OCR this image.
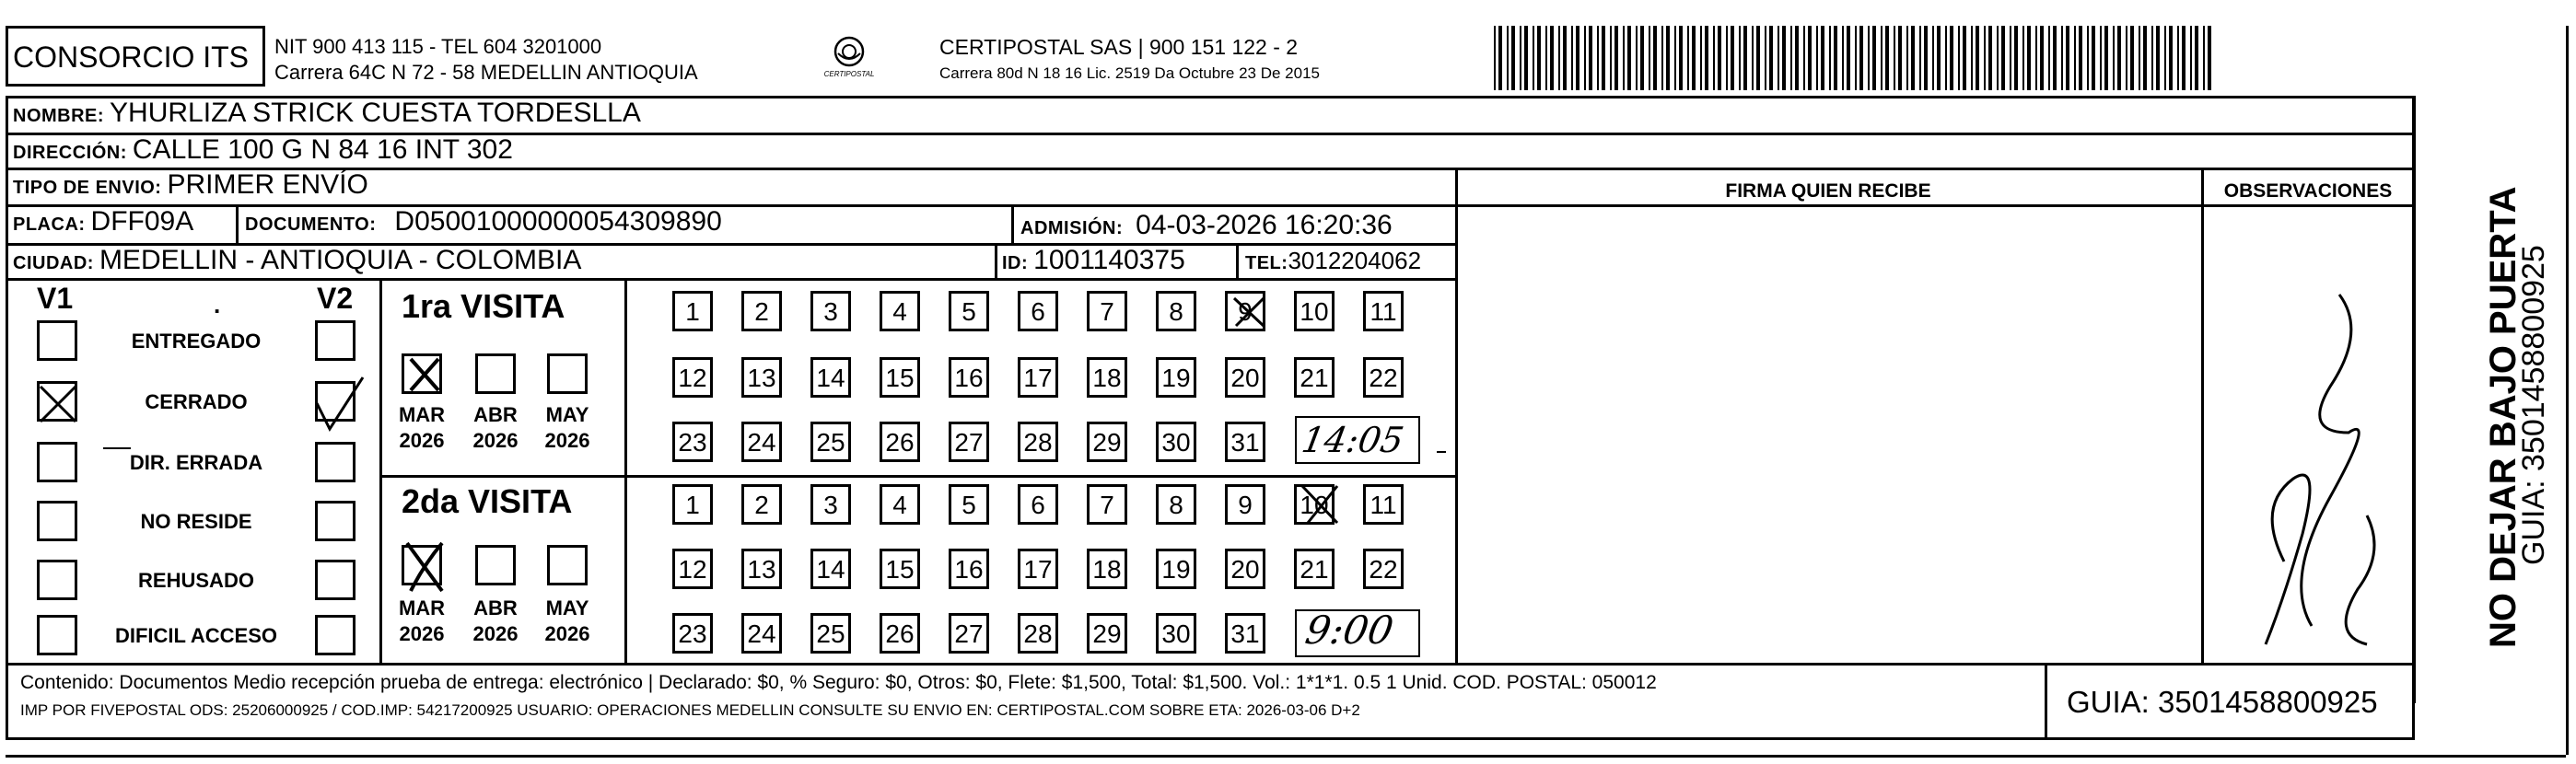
CONSORCIO ITS NIT 900 413 115 - TEL 604 3201000
Carrera 64C N 72 - 58 MEDELLIN ANTIOQUIA	CERTIPOSTAL
CERTIPOSTAL SAS | 900 151 122 - 2
Carrera 80d N 18 16 Lic. 2519 Da Octubre 23 De 2015
NOMBRE: YHURLIZA STRICK CUESTA TORDESLLA
DIRECCIÓN: CALLE 100 G N 84 16 INT 302
TIPO DE ENVIO: PRIMER ENVÍO	FIRMA QUIEN RECIBE	OBSERVACIONES
PLACA: DFF09A	DOCUMENTO: D05001000000054309890	ADMISIÓN: 04-03-2026 16:20:36
CIUDAD: MEDELLIN - ANTIOQUIA - COLOMBIA	ID: 1001140375	TEL: 3012204062
V1	V2
.
ENTREGADO
CERRADO
DIR. ERRADA
NO RESIDE
REHUSADO
DIFICIL ACCESO
1ra VISITA
2da VISITA
MAR
2026
ABR
2026
MAY
2026
MAR
2026
ABR
2026
MAY
2026
1	2	3	4	5	6	7	8	9	10 11
12 13 14 15 16 17 18 19 20 21 22
23 24 25 26 27 28 29 30 31
1	2	3	4	5	6	7	8	9	10 11
12 13 14 15 16 17 18 19 20 21 22
23 24 25 26 27 28 29 30 31
14:05
9:00
Contenido: Documentos Medio recepción prueba de entrega: electrónico | Declarado: $0, % Seguro: $0, Otros: $0, Flete: $1,500, Total: $1,500. Vol.: 1*1*1. 0.5 1 Unid. COD. POSTAL: 050012
IMP POR FIVEPOSTAL ODS: 25206000925 / COD.IMP: 54217200925 USUARIO: OPERACIONES MEDELLIN CONSULTE SU ENVIO EN: CERTIPOSTAL.COM SOBRE ETA: 2026-03-06 D+2	GUIA: 3501458800925
NO DEJAR BAJO PUERTA
GUIA: 3501458800925
